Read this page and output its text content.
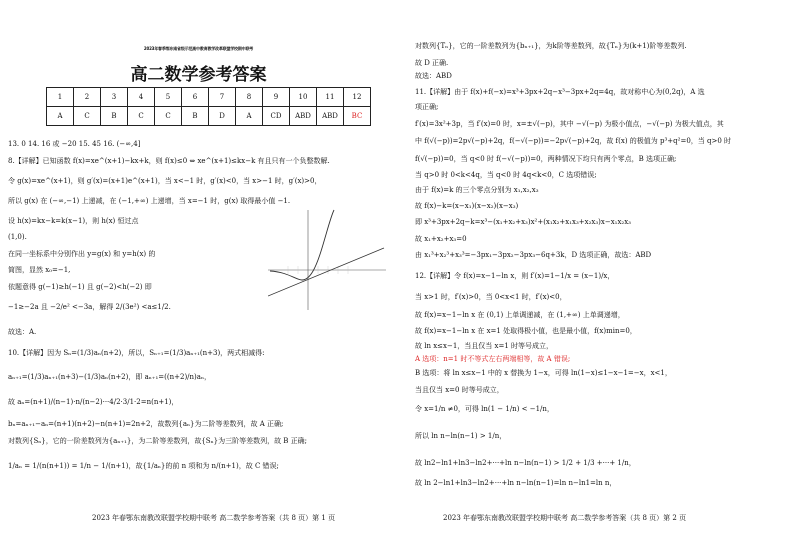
2023年春季鄂东南省级示范高中教育教学改革联盟学校期中联考
高二数学参考答案
1	2	3	4	5	6	7	8	9	10	11	12
A	C	B	C	C	B	D	A	CD	ABD	ABD	BC
13. 0 14. 16 或 −20 15. 45 16. (−∞,4]
8.【详解】已知函数 f(x)=xe^(x+1)−kx+k，则 f(x)≤0 ⇔ xe^(x+1)≤kx−k 有且只有一个负整数解.
令 g(x)=xe^(x+1)，则 g′(x)=(x+1)e^(x+1)，当 x<−1 时，g′(x)<0，当 x>−1 时，g′(x)>0，
所以 g(x) 在 (−∞,−1) 上递减，在 (−1,+∞) 上递增，当 x=−1 时，g(x) 取得最小值 −1.
设 h(x)=kx−k=k(x−1)，则 h(x) 恒过点
(1,0).
在同一坐标系中分别作出 y=g(x) 和 y=h(x) 的
简图，显然 x₀=−1,
依题意得 g(−1)≥h(−1) 且 g(−2)<h(−2) 即
−1≥−2a 且 −2/e² <−3a，解得 2/(3e²) <a≤1/2.
故选：A.
10.【详解】因为 Sₙ=(1/3)aₙ(n+2)，所以，Sₙ₊₁=(1/3)aₙ₊₁(n+3)，两式相减得:
aₙ₊₁=(1/3)aₙ₊₁(n+3)−(1/3)aₙ(n+2)，即 aₙ₊₁=((n+2)/n)aₙ，
故 aₙ=(n+1)/(n−1)·n/(n−2)···4/2·3/1·2=n(n+1)，
bₙ=aₙ₊₁−aₙ=(n+1)(n+2)−n(n+1)=2n+2，故数列{aₙ}为二阶等差数列，故 A 正确;
对数列{Sₙ}，它的一阶差数列为{aₙ₊₁}，为二阶等差数列，故{Sₙ}为三阶等差数列，故 B 正确;
1/aₙ = 1/(n(n+1)) = 1/n − 1/(n+1)，故{1/aₙ}的前 n 项和为 n/(n+1)，故 C 错误;
2023 年春鄂东南教改联盟学校期中联考 高二数学参考答案（共 8 页）第 1 页
对数列{Tₙ}，它的一阶差数列为{bₙ₊₁}，为k阶等差数列，故{Tₙ}为(k+1)阶等差数列.
故 D 正确.
故选：ABD
11.【详解】由于 f(x)+f(−x)=x³+3px+2q−x³−3px+2q=4q，故对称中心为(0,2q)，A 选
项正确;
f′(x)=3x²+3p，当 f′(x)=0 时，x=±√(−p)，其中 −√(−p) 为极小值点，−√(−p) 为极大值点，其
中 f(√(−p))=2p√(−p)+2q，f(−√(−p))=−2p√(−p)+2q，故 f(x) 的极值为 p³+q²=0，当 q>0 时
f(√(−p))=0，当 q<0 时 f(−√(−p))=0，两种情况下均只有两个零点，B 选项正确;
当 q>0 时 0<k<4q，当 q<0 时 4q<k<0，C 选项错误;
由于 f(x)=k 的三个零点分别为 x₁,x₂,x₃
故 f(x)−k=(x−x₁)(x−x₂)(x−x₃)
即 x³+3px+2q−k=x³−(x₁+x₂+x₃)x²+(x₁x₂+x₁x₃+x₂x₃)x−x₁x₂x₃
故 x₁+x₂+x₃=0
由 x₁³+x₂³+x₃³=−3px₁−3px₂−3px₃−6q+3k，D 选项正确，故选：ABD
12.【详解】令 f(x)=x−1−ln x，则 f′(x)=1−1/x = (x−1)/x，
当 x>1 时，f′(x)>0，当 0<x<1 时，f′(x)<0，
故 f(x)=x−1−ln x 在 (0,1) 上单调递减，在 (1,+∞) 上单调递增，
故 f(x)=x−1−ln x 在 x=1 处取得极小值，也是最小值，f(x)min=0，
故 ln x≤x−1，当且仅当 x=1 时等号成立，
A 选项：n=1 时不等式左右两端相等，故 A 错误;
B 选项：将 ln x≤x−1 中的 x 替换为 1−x，可得 ln(1−x)≤1−x−1=−x，x<1，
当且仅当 x=0 时等号成立，
令 x=1/n ≠0，可得 ln(1 − 1/n) < −1/n，
所以 ln n−ln(n−1) > 1/n，
故 ln2−ln1+ln3−ln2+···+ln n−ln(n−1) > 1/2 + 1/3 +···+ 1/n，
故 ln 2−ln1+ln3−ln2+···+ln n−ln(n−1)=ln n−ln1=ln n，
2023 年春鄂东南教改联盟学校期中联考 高二数学参考答案（共 8 页）第 2 页
